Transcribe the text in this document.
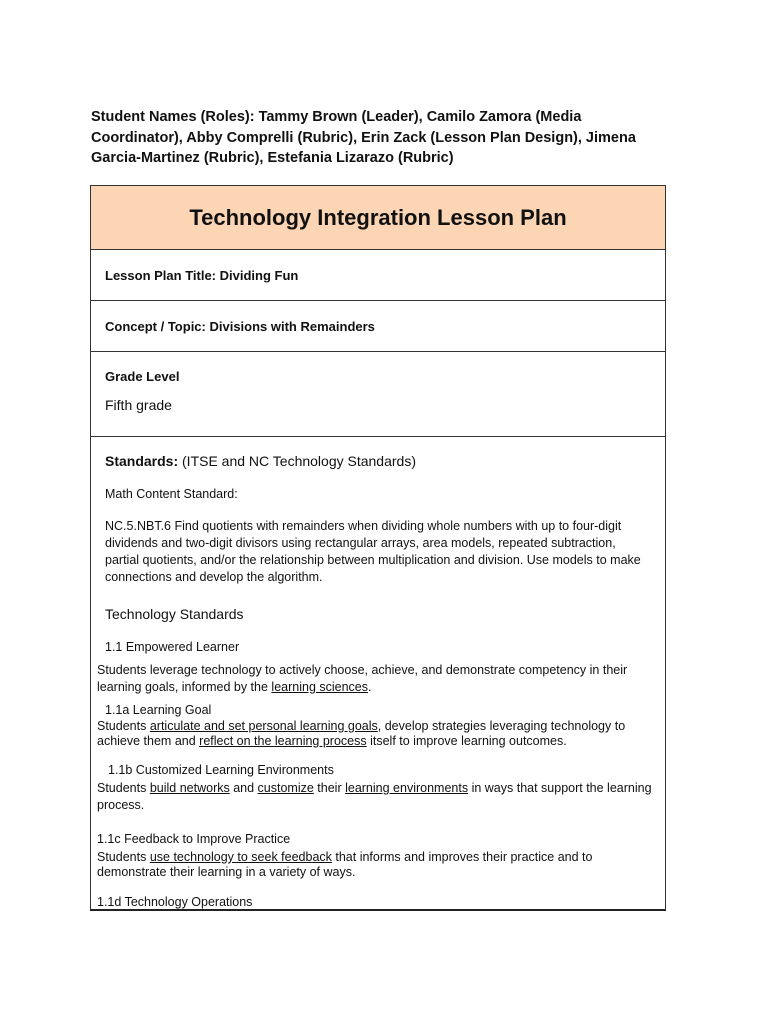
Student Names (Roles): Tammy Brown (Leader), Camilo Zamora (Media Coordinator), Abby Comprelli (Rubric), Erin Zack (Lesson Plan Design), Jimena Garcia-Martinez (Rubric), Estefania Lizarazo (Rubric)
Technology Integration Lesson Plan
Lesson Plan Title: Dividing Fun
Concept / Topic: Divisions with Remainders
Grade Level
Fifth grade

Standards: (ITSE and NC Technology Standards)

Math Content Standard:

NC.5.NBT.6 Find quotients with remainders when dividing whole numbers with up to four-digit dividends and two-digit divisors using rectangular arrays, area models, repeated subtraction, partial quotients, and/or the relationship between multiplication and division. Use models to make connections and develop the algorithm.

Technology Standards

1.1 Empowered Learner

Students leverage technology to actively choose, achieve, and demonstrate competency in their learning goals, informed by the learning sciences.

1.1a Learning Goal

Students articulate and set personal learning goals, develop strategies leveraging technology to achieve them and reflect on the learning process itself to improve learning outcomes.

1.1b Customized Learning Environments

Students build networks and customize their learning environments in ways that support the learning process.

1.1c Feedback to Improve Practice

Students use technology to seek feedback that informs and improves their practice and to demonstrate their learning in a variety of ways.

1.1d Technology Operations
